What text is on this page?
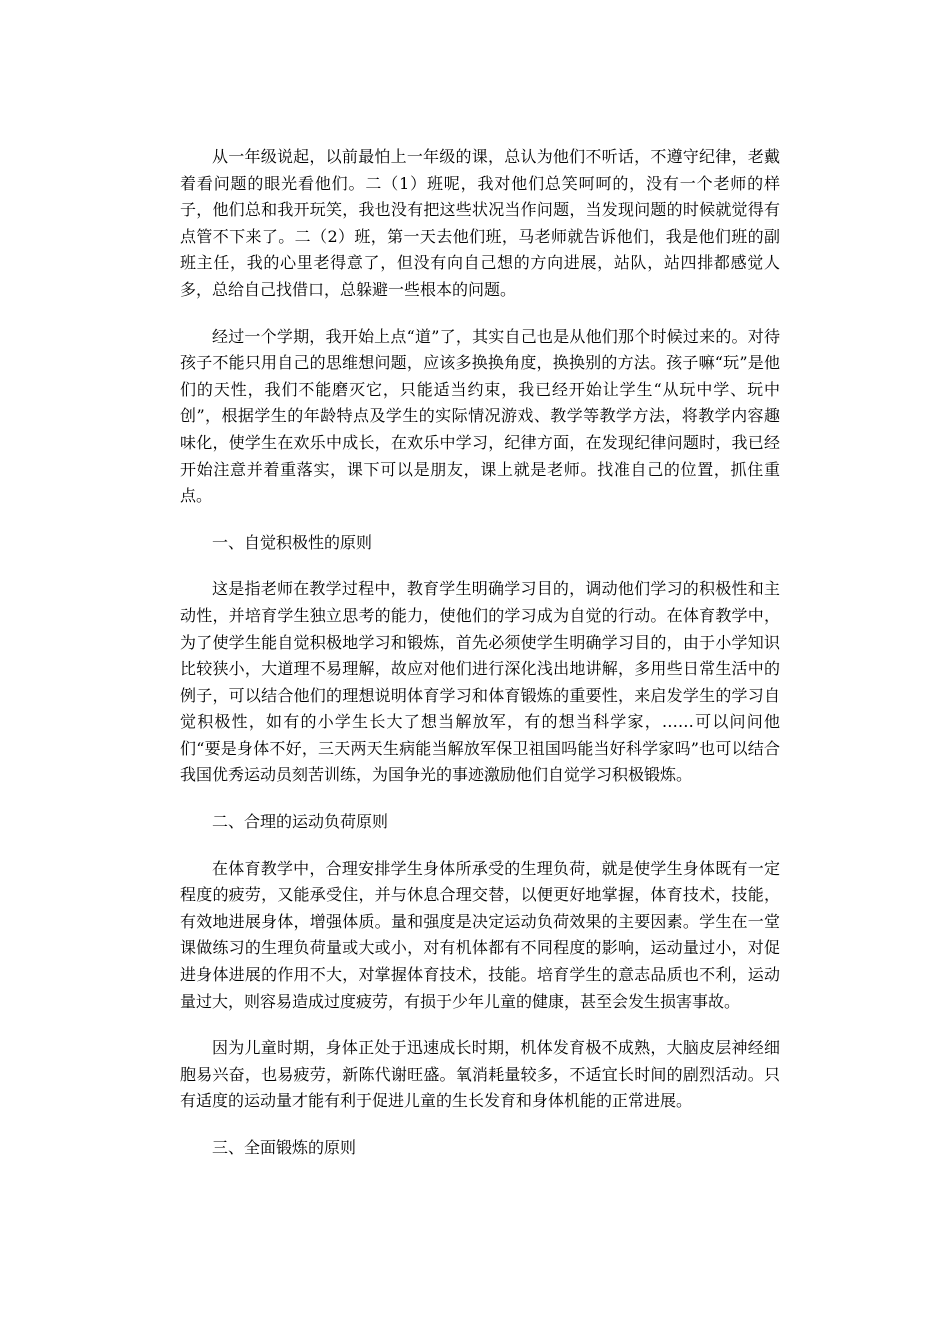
从一年级说起，以前最怕上一年级的课，总认为他们不听话，不遵守纪律，老戴着看问题的眼光看他们。二（1）班呢，我对他们总笑呵呵的，没有一个老师的样子，他们总和我开玩笑，我也没有把这些状况当作问题，当发现问题的时候就觉得有点管不下来了。二（2）班，第一天去他们班，马老师就告诉他们，我是他们班的副班主任，我的心里老得意了，但没有向自己想的方向进展，站队，站四排都感觉人多，总给自己找借口，总躲避一些根本的问题。

经过一个学期，我开始上点“道”了，其实自己也是从他们那个时候过来的。对待孩子不能只用自己的思维想问题，应该多换换角度，换换别的方法。孩子嘛“玩”是他们的天性，我们不能磨灭它，只能适当约束，我已经开始让学生“从玩中学、玩中创”，根据学生的年龄特点及学生的实际情况游戏、教学等教学方法，将教学内容趣味化，使学生在欢乐中成长，在欢乐中学习，纪律方面，在发现纪律问题时，我已经开始注意并着重落实，课下可以是朋友，课上就是老师。找准自己的位置，抓住重点。

一、自觉积极性的原则

这是指老师在教学过程中，教育学生明确学习目的，调动他们学习的积极性和主动性，并培育学生独立思考的能力，使他们的学习成为自觉的行动。在体育教学中，为了使学生能自觉积极地学习和锻炼，首先必须使学生明确学习目的，由于小学知识比较狭小，大道理不易理解，故应对他们进行深化浅出地讲解，多用些日常生活中的例子，可以结合他们的理想说明体育学习和体育锻炼的重要性，来启发学生的学习自觉积极性，如有的小学生长大了想当解放军，有的想当科学家，……可以问问他们“要是身体不好，三天两天生病能当解放军保卫祖国吗能当好科学家吗”也可以结合我国优秀运动员刻苦训练，为国争光的事迹激励他们自觉学习积极锻炼。

二、合理的运动负荷原则

在体育教学中，合理安排学生身体所承受的生理负荷，就是使学生身体既有一定程度的疲劳，又能承受住，并与休息合理交替，以便更好地掌握，体育技术，技能，有效地进展身体，增强体质。量和强度是决定运动负荷效果的主要因素。学生在一堂课做练习的生理负荷量或大或小，对有机体都有不同程度的影响，运动量过小，对促进身体进展的作用不大，对掌握体育技术，技能。培育学生的意志品质也不利，运动量过大，则容易造成过度疲劳，有损于少年儿童的健康，甚至会发生损害事故。

因为儿童时期，身体正处于迅速成长时期，机体发育极不成熟，大脑皮层神经细胞易兴奋，也易疲劳，新陈代谢旺盛。氧消耗量较多，不适宜长时间的剧烈活动。只有适度的运动量才能有利于促进儿童的生长发育和身体机能的正常进展。

三、全面锻炼的原则
